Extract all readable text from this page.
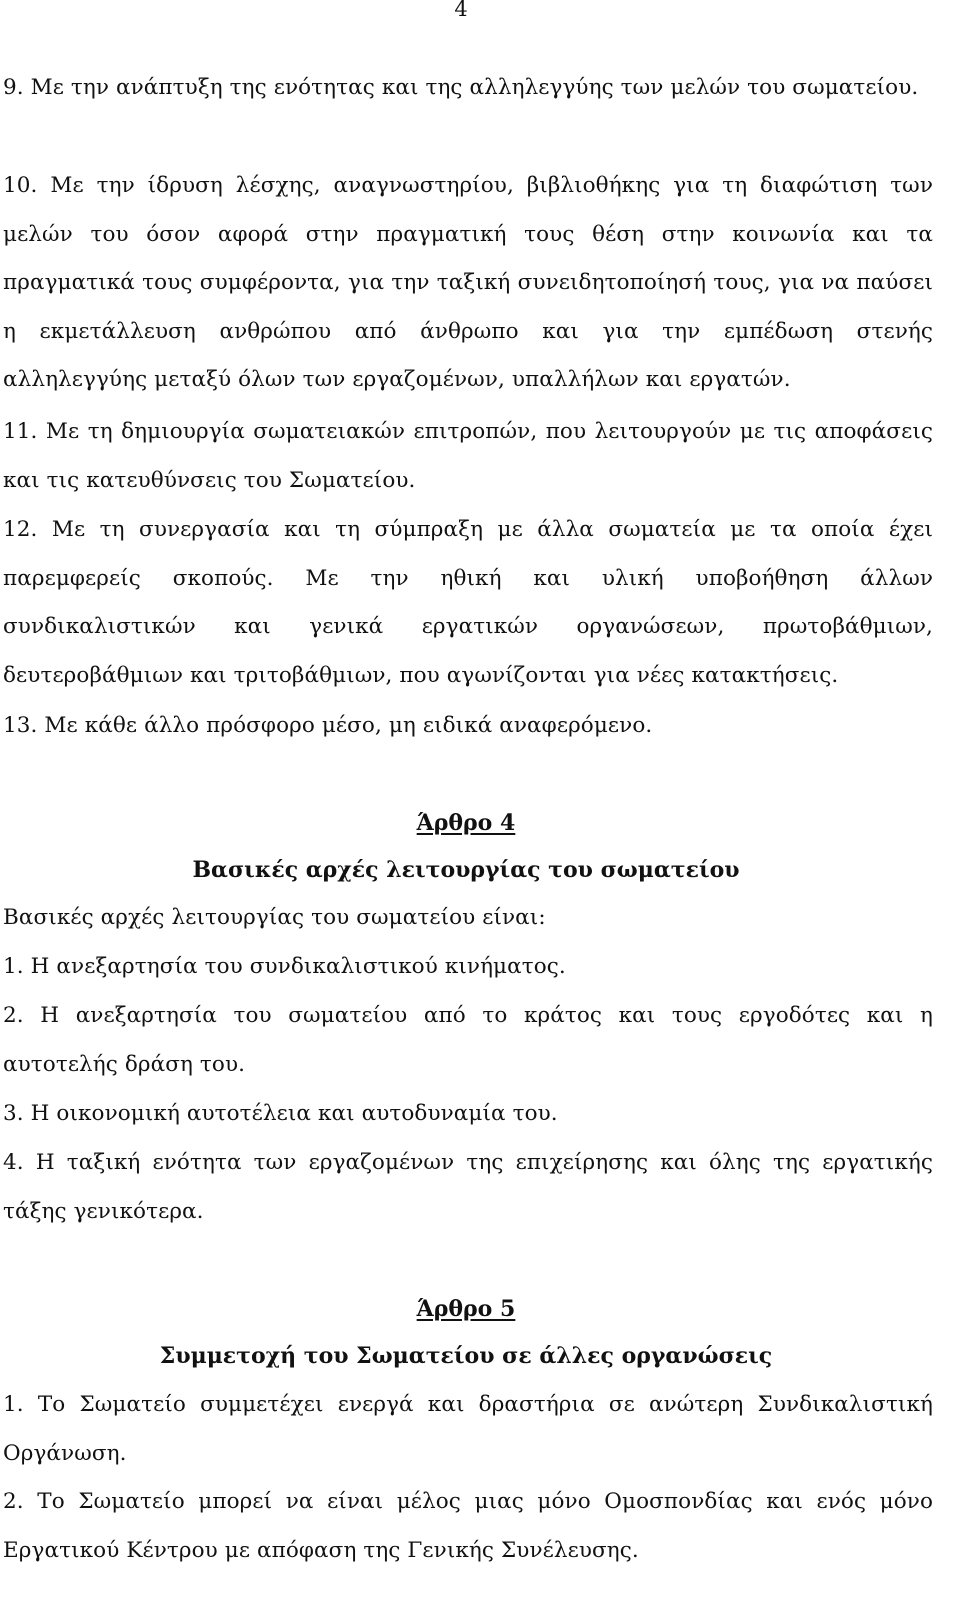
4

9. Με την ανάπτυξη της ενότητας και της αλληλεγγύης των μελών του σωματείου.

10. Με την ίδρυση λέσχης, αναγνωστηρίου, βιβλιοθήκης για τη διαφώτιση των μελών του όσον αφορά στην πραγματική τους θέση στην κοινωνία και τα πραγματικά τους συμφέροντα, για την ταξική συνειδητοποίησή τους, για να παύσει η εκμετάλλευση ανθρώπου από άνθρωπο και για την εμπέδωση στενής αλληλεγγύης μεταξύ όλων των εργαζομένων, υπαλλήλων και εργατών.

11. Με τη δημιουργία σωματειακών επιτροπών, που λειτουργούν με τις αποφάσεις και τις κατευθύνσεις του Σωματείου.

12. Με τη συνεργασία και τη σύμπραξη με άλλα σωματεία με τα οποία έχει παρεμφερείς σκοπούς. Με την ηθική και υλική υποβοήθηση άλλων συνδικαλιστικών και γενικά εργατικών οργανώσεων, πρωτοβάθμιων, δευτεροβάθμιων και τριτοβάθμιων, που αγωνίζονται για νέες κατακτήσεις.

13. Με κάθε άλλο πρόσφορο μέσο, μη ειδικά αναφερόμενο.

Άρθρο 4
Βασικές αρχές λειτουργίας του σωματείου

Βασικές αρχές λειτουργίας του σωματείου είναι:

1. Η ανεξαρτησία του συνδικαλιστικού κινήματος.

2. Η ανεξαρτησία του σωματείου από το κράτος και τους εργοδότες και η αυτοτελής δράση του.

3. Η οικονομική αυτοτέλεια και αυτοδυναμία του.

4. Η ταξική ενότητα των εργαζομένων της επιχείρησης και όλης της εργατικής τάξης γενικότερα.

Άρθρο 5
Συμμετοχή του Σωματείου σε άλλες οργανώσεις

1. Το Σωματείο συμμετέχει ενεργά και δραστήρια σε ανώτερη Συνδικαλιστική Οργάνωση.

2. Το Σωματείο μπορεί να είναι μέλος μιας μόνο Ομοσπονδίας και ενός μόνο Εργατικού Κέντρου με απόφαση της Γενικής Συνέλευσης.
